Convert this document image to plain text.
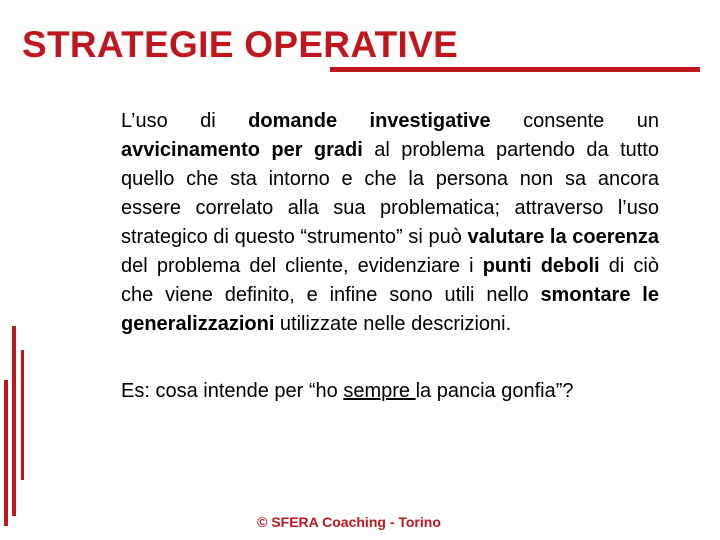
STRATEGIE OPERATIVE
L’uso di domande investigative consente un avvicinamento per gradi al problema partendo da tutto quello che sta intorno e che la persona non sa ancora essere correlato alla sua problematica; attraverso l’uso strategico di questo “strumento” si può valutare la coerenza del problema del cliente, evidenziare i punti deboli di ciò che viene definito, e infine sono utili nello smontare le generalizzazioni utilizzate nelle descrizioni.
Es: cosa intende per “ho sempre la pancia gonfia”?
© SFERA Coaching - Torino
